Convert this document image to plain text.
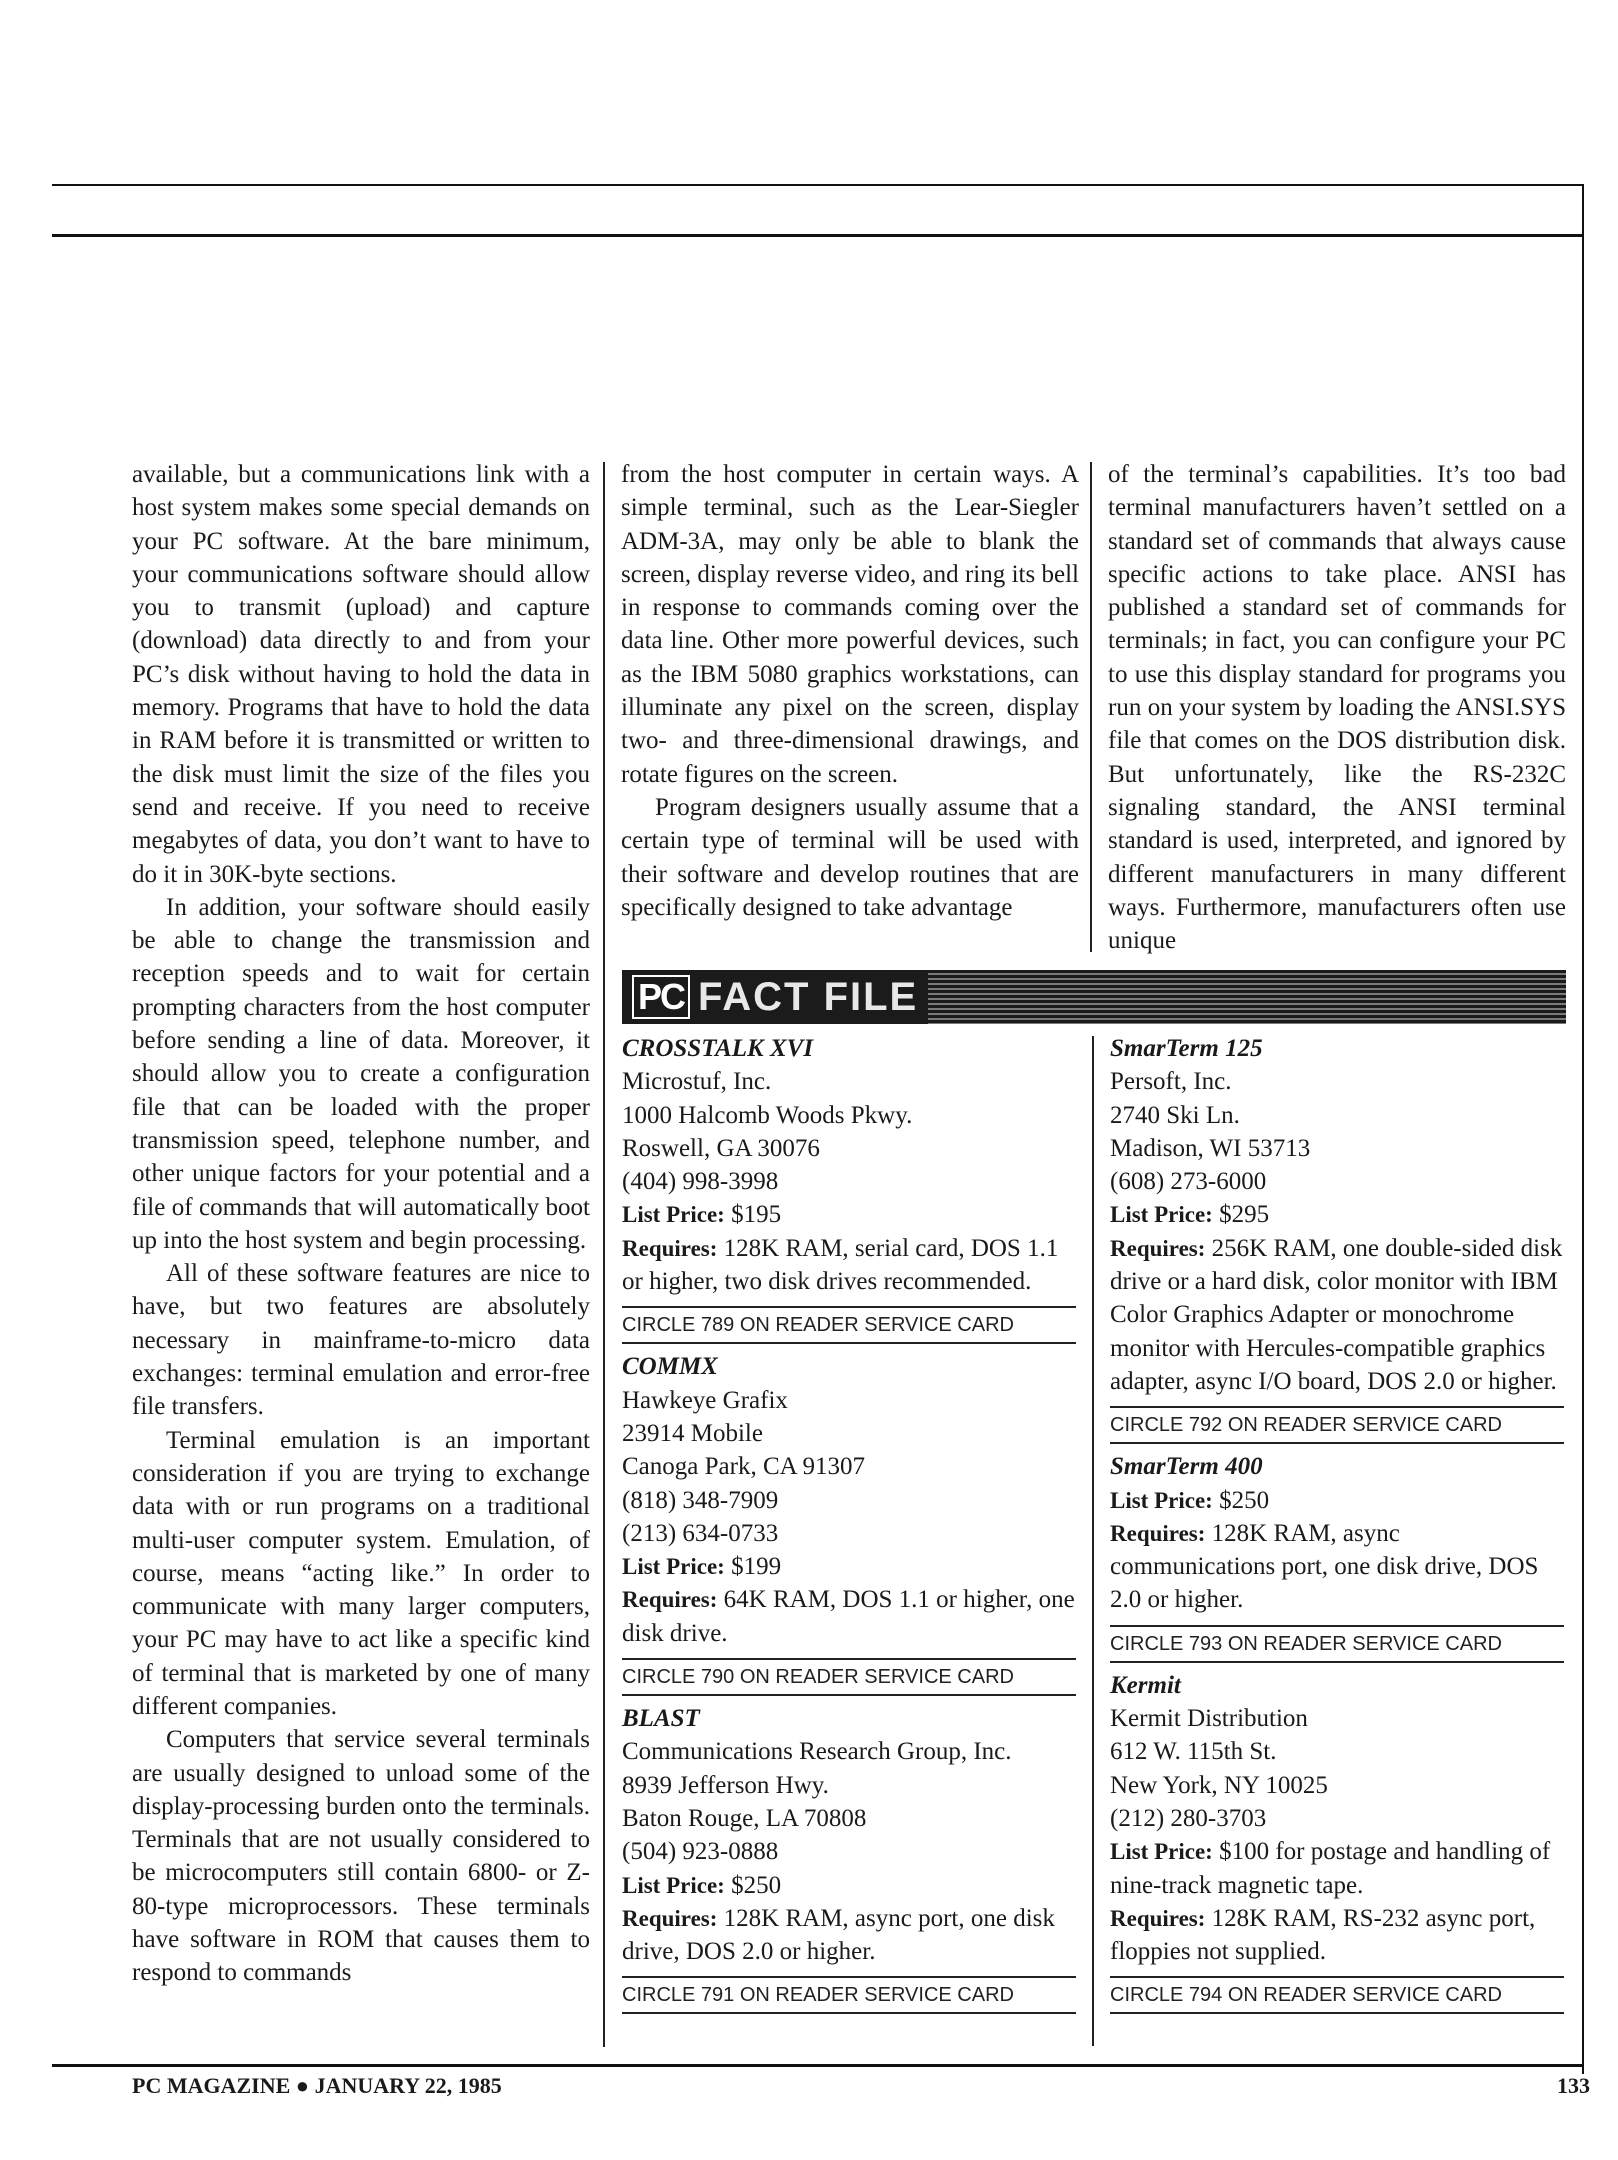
available, but a communications link with a host system makes some special demands on your PC software. At the bare minimum, your communications software should allow you to transmit (upload) and capture (download) data directly to and from your PC’s disk without having to hold the data in memory. Programs that have to hold the data in RAM before it is transmitted or written to the disk must limit the size of the files you send and receive. If you need to receive megabytes of data, you don’t want to have to do it in 30K-byte sections.

In addition, your software should easily be able to change the transmission and reception speeds and to wait for certain prompting characters from the host computer before sending a line of data. Moreover, it should allow you to create a configuration file that can be loaded with the proper transmission speed, telephone number, and other unique factors for your potential and a file of commands that will automatically boot up into the host system and begin processing.

All of these software features are nice to have, but two features are absolutely necessary in mainframe-to-micro data exchanges: terminal emulation and error-free file transfers.

Terminal emulation is an important consideration if you are trying to exchange data with or run programs on a traditional multi-user computer system. Emulation, of course, means “acting like.” In order to communicate with many larger computers, your PC may have to act like a specific kind of terminal that is marketed by one of many different companies.

Computers that service several terminals are usually designed to unload some of the display-processing burden onto the terminals. Terminals that are not usually considered to be microcomputers still contain 6800- or Z-80-type microprocessors. These terminals have software in ROM that causes them to respond to commands

from the host computer in certain ways. A simple terminal, such as the Lear-Siegler ADM-3A, may only be able to blank the screen, display reverse video, and ring its bell in response to commands coming over the data line. Other more powerful devices, such as the IBM 5080 graphics workstations, can illuminate any pixel on the screen, display two- and three-dimensional drawings, and rotate figures on the screen.

Program designers usually assume that a certain type of terminal will be used with their software and develop routines that are specifically designed to take advantage

of the terminal’s capabilities. It’s too bad terminal manufacturers haven’t settled on a standard set of commands that always cause specific actions to take place. ANSI has published a standard set of commands for terminals; in fact, you can configure your PC to use this display standard for programs you run on your system by loading the ANSI.SYS file that comes on the DOS distribution disk. But unfortunately, like the RS-232C signaling standard, the ANSI terminal standard is used, interpreted, and ignored by different manufacturers in many different ways. Furthermore, manufacturers often use unique

PC FACT FILE
CROSSTALK XVI
Microstuf, Inc.
1000 Halcomb Woods Pkwy.
Roswell, GA 30076
(404) 998-3998
List Price: $195
Requires: 128K RAM, serial card, DOS 1.1 or higher, two disk drives recommended.
CIRCLE 789 ON READER SERVICE CARD
COMMX
Hawkeye Grafix
23914 Mobile
Canoga Park, CA 91307
(818) 348-7909
(213) 634-0733
List Price: $199
Requires: 64K RAM, DOS 1.1 or higher, one disk drive.
CIRCLE 790 ON READER SERVICE CARD
BLAST
Communications Research Group, Inc.
8939 Jefferson Hwy.
Baton Rouge, LA 70808
(504) 923-0888
List Price: $250
Requires: 128K RAM, async port, one disk drive, DOS 2.0 or higher.
CIRCLE 791 ON READER SERVICE CARD
SmarTerm 125
Persoft, Inc.
2740 Ski Ln.
Madison, WI 53713
(608) 273-6000
List Price: $295
Requires: 256K RAM, one double-sided disk drive or a hard disk, color monitor with IBM Color Graphics Adapter or monochrome monitor with Hercules-compatible graphics adapter, async I/O board, DOS 2.0 or higher.
CIRCLE 792 ON READER SERVICE CARD
SmarTerm 400
List Price: $250
Requires: 128K RAM, async communications port, one disk drive, DOS 2.0 or higher.
CIRCLE 793 ON READER SERVICE CARD
Kermit
Kermit Distribution
612 W. 115th St.
New York, NY 10025
(212) 280-3703
List Price: $100 for postage and handling of nine-track magnetic tape.
Requires: 128K RAM, RS-232 async port, floppies not supplied.
CIRCLE 794 ON READER SERVICE CARD
PC MAGAZINE ● JANUARY 22, 1985	133
